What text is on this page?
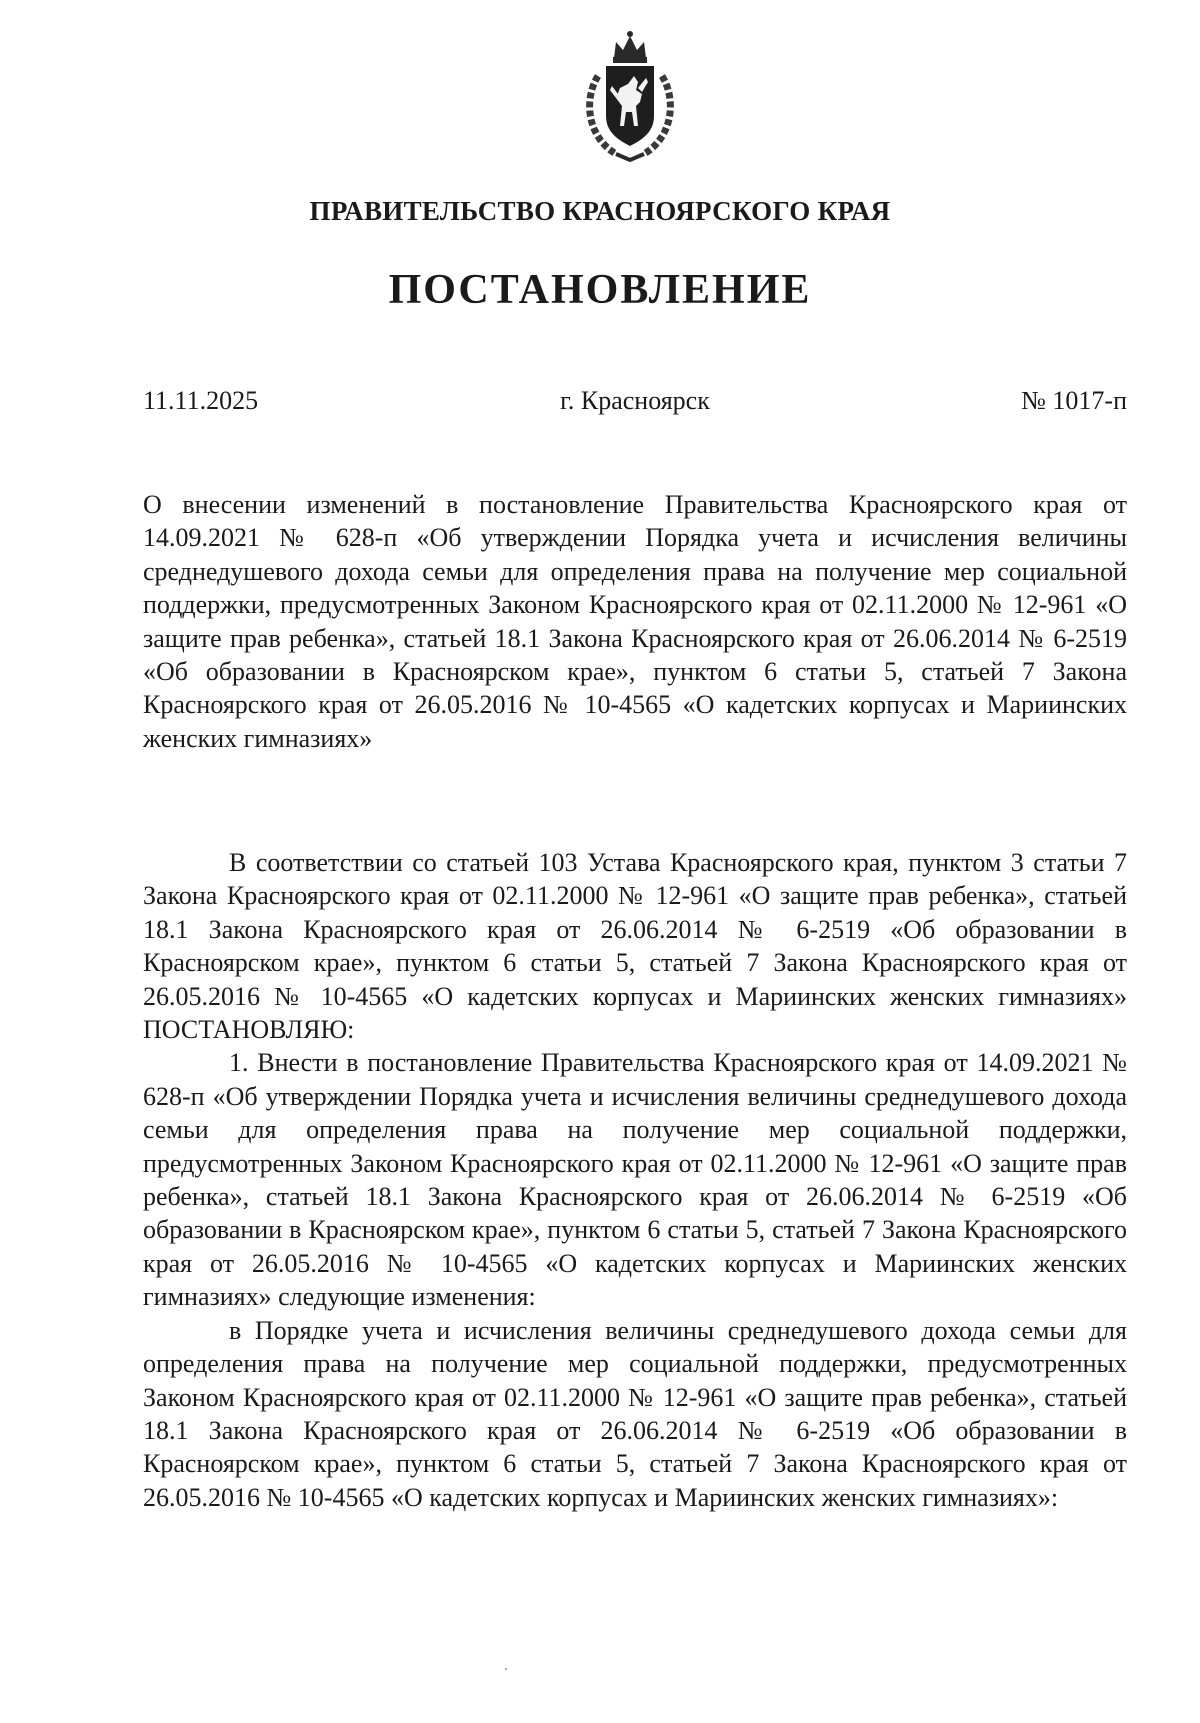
ПРАВИТЕЛЬСТВО КРАСНОЯРСКОГО КРАЯ
ПОСТАНОВЛЕНИЕ
г. Красноярск
11.11.2025	№ 1017-п
О внесении изменений в постановление Правительства Красноярского края от 14.09.2021 № 628-п «Об утверждении Порядка учета и исчисления величины среднедушевого дохода семьи для определения права на получение мер социальной поддержки, предусмотренных Законом Красноярского края от 02.11.2000 № 12-961 «О защите прав ребенка», статьей 18.1 Закона Красноярского края от 26.06.2014 № 6-2519 «Об образовании в Красноярском крае», пунктом 6 статьи 5, статьей 7 Закона Красноярского края от 26.05.2016 № 10-4565 «О кадетских корпусах и Мариинских женских гимназиях»

В соответствии со статьей 103 Устава Красноярского края, пунктом 3 статьи 7 Закона Красноярского края от 02.11.2000 № 12-961 «О защите прав ребенка», статьей 18.1 Закона Красноярского края от 26.06.2014 № 6-2519 «Об образовании в Красноярском крае», пунктом 6 статьи 5, статьей 7 Закона Красноярского края от 26.05.2016 № 10-4565 «О кадетских корпусах и Мариинских женских гимназиях» ПОСТАНОВЛЯЮ:

1. Внести в постановление Правительства Красноярского края от 14.09.2021 № 628-п «Об утверждении Порядка учета и исчисления величины среднедушевого дохода семьи для определения права на получение мер социальной поддержки, предусмотренных Законом Красноярского края от 02.11.2000 № 12-961 «О защите прав ребенка», статьей 18.1 Закона Красноярского края от 26.06.2014 № 6-2519 «Об образовании в Красноярском крае», пунктом 6 статьи 5, статьей 7 Закона Красноярского края от 26.05.2016 № 10-4565 «О кадетских корпусах и Мариинских женских гимназиях» следующие изменения:

в Порядке учета и исчисления величины среднедушевого дохода семьи для определения права на получение мер социальной поддержки, предусмотренных Законом Красноярского края от 02.11.2000 № 12-961 «О защите прав ребенка», статьей 18.1 Закона Красноярского края от 26.06.2014 № 6-2519 «Об образовании в Красноярском крае», пунктом 6 статьи 5, статьей 7 Закона Красноярского края от 26.05.2016 № 10-4565 «О кадетских корпусах и Мариинских женских гимназиях»:
